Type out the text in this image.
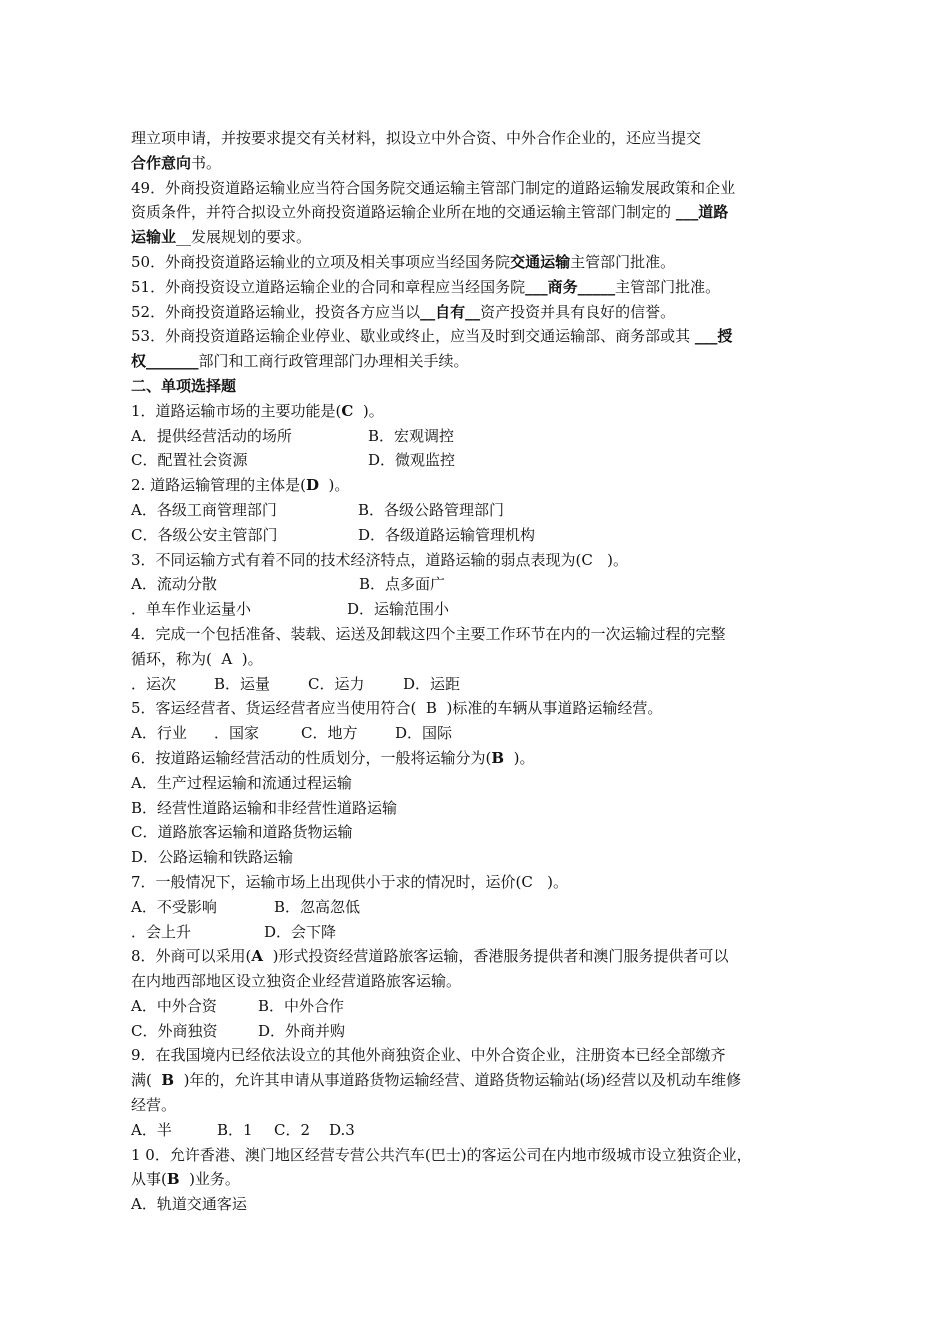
理立项申请，并按要求提交有关材料，拟设立中外合资、中外合作企业的，还应当提交
合作意向书。
49．外商投资道路运输业应当符合国务院交通运输主管部门制定的道路运输发展政策和企业
资质条件，并符合拟设立外商投资道路运输企业所在地的交通运输主管部门制定的 ___道路
运输业__发展规划的要求。
50．外商投资道路运输业的立项及相关事项应当经国务院交通运输主管部门批准。
51．外商投资设立道路运输企业的合同和章程应当经国务院___商务_____主管部门批准。
52．外商投资道路运输业，投资各方应当以__自有__资产投资并具有良好的信誉。
53．外商投资道路运输企业停业、歇业或终止，应当及时到交通运输部、商务部或其 ___授
权_______部门和工商行政管理部门办理相关手续。
二、单项选择题
1．道路运输市场的主要功能是(C  )。
A．提供经营活动的场所	B．宏观调控
C．配置社会资源	D．微观监控
2. 道路运输管理的主体是(D  )。
A．各级工商管理部门	B．各级公路管理部门
C．各级公安主管部门	D．各级道路运输管理机构
3．不同运输方式有着不同的技术经济特点，道路运输的弱点表现为(C   )。
A．流动分散	B．点多面广
．单车作业运量小	D．运输范围小
4．完成一个包括准备、装载、运送及卸载这四个主要工作环节在内的一次运输过程的完整
循环，称为(  A  )。
．运次	B．运量	C．运力	D．运距
5．客运经营者、货运经营者应当使用符合(  B  )标准的车辆从事道路运输经营。
A．行业 ．国家	C．地方	D．国际
6．按道路运输经营活动的性质划分，一般将运输分为(B  )。
A．生产过程运输和流通过程运输
B．经营性道路运输和非经营性道路运输
C．道路旅客运输和道路货物运输
D．公路运输和铁路运输
7．一般情况下，运输市场上出现供小于求的情况时，运价(C   )。
A．不受影响	B．忽高忽低
．会上升	D．会下降
8．外商可以采用(A  )形式投资经营道路旅客运输，香港服务提供者和澳门服务提供者可以
在内地西部地区设立独资企业经营道路旅客运输。
A．中外合资	B．中外合作
C．外商独资	D．外商并购
9．在我国境内已经依法设立的其他外商独资企业、中外合资企业，注册资本已经全部缴齐
满(  B  )年的，允许其申请从事道路货物运输经营、道路货物运输站(场)经营以及机动车维修
经营。
A．半	B．1 C．2 D.3
1 0．允许香港、澳门地区经营专营公共汽车(巴士)的客运公司在内地市级城市设立独资企业，
从事(B  )业务。
A．轨道交通客运
